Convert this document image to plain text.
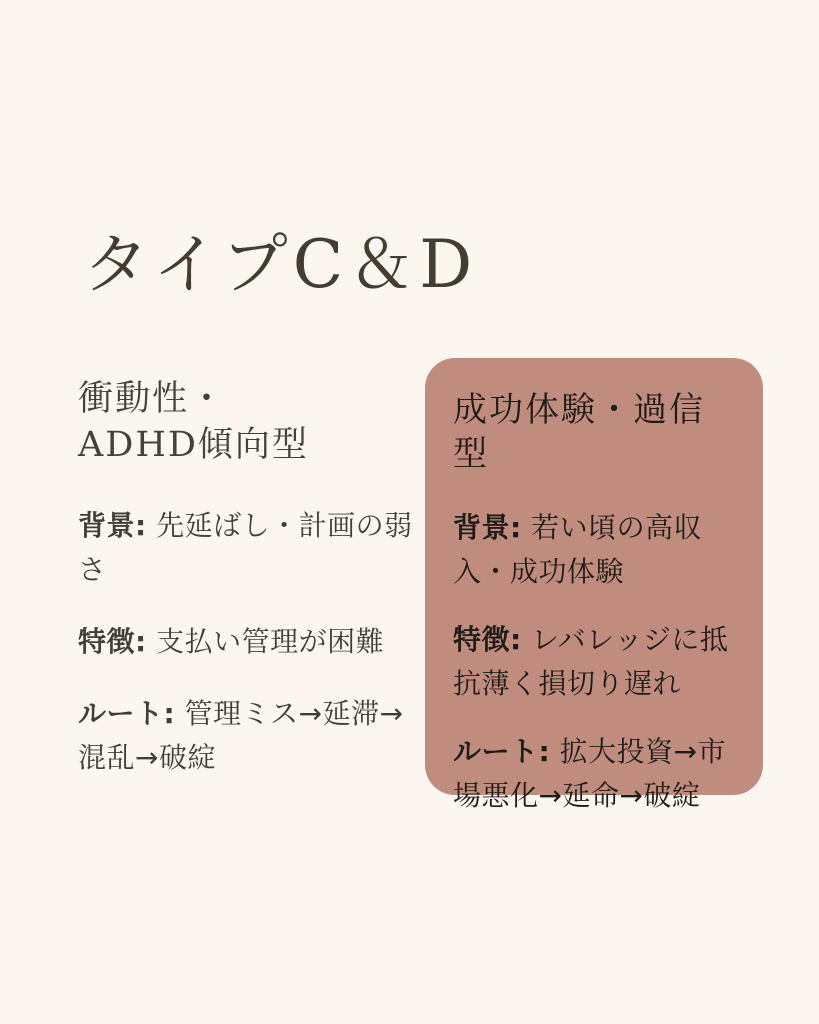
タイプC＆D
衝動性・
ADHD傾向型

背景: 先延ばし・計画の弱さ

特徴: 支払い管理が困難

ルート: 管理ミス→延滞→混乱→破綻

成功体験・過信型

背景: 若い頃の高収入・成功体験

特徴: レバレッジに抵抗薄く損切り遅れ

ルート: 拡大投資→市場悪化→延命→破綻
